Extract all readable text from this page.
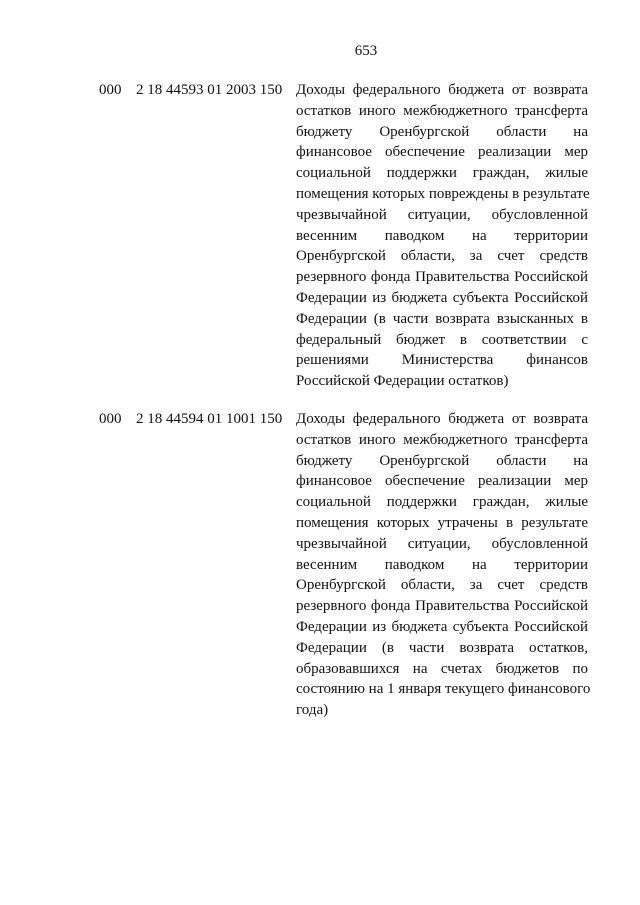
653
000 2 18 44593 01 2003 150 Доходы федерального бюджета от возврата
остатков иного межбюджетного трансферта
бюджету Оренбургской области на
финансовое обеспечение реализации мер
социальной поддержки граждан, жилые
помещения которых повреждены в результате
чрезвычайной ситуации, обусловленной
весенним паводком на территории
Оренбургской области, за счет средств
резервного фонда Правительства Российской
Федерации из бюджета субъекта Российской
Федерации (в части возврата взысканных в
федеральный бюджет в соответствии с
решениями Министерства финансов
Российской Федерации остатков)
000 2 18 44594 01 1001 150 Доходы федерального бюджета от возврата
остатков иного межбюджетного трансферта
бюджету Оренбургской области на
финансовое обеспечение реализации мер
социальной поддержки граждан, жилые
помещения которых утрачены в результате
чрезвычайной ситуации, обусловленной
весенним паводком на территории
Оренбургской области, за счет средств
резервного фонда Правительства Российской
Федерации из бюджета субъекта Российской
Федерации (в части возврата остатков,
образовавшихся на счетах бюджетов по
состоянию на 1 января текущего финансового
года)
